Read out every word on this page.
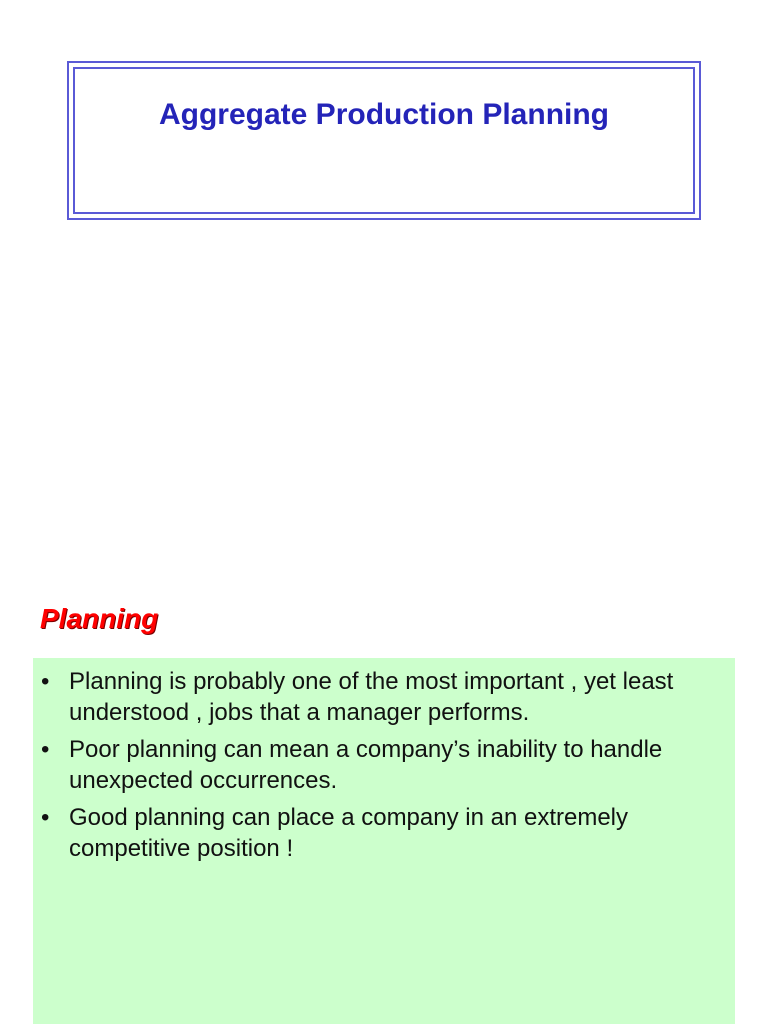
Aggregate Production Planning
Planning
• Planning is probably one of the most important , yet least understood , jobs that a manager performs.
• Poor planning can mean a company’s inability to handle unexpected occurrences.
• Good planning can place a company in an extremely competitive position !
